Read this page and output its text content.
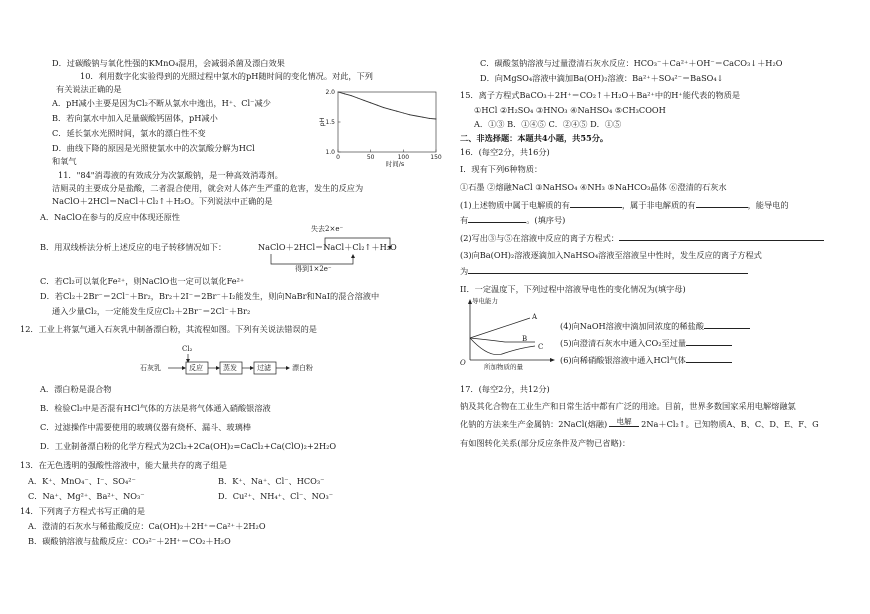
D．过碳酸钠与氧化性强的KMnO₄混用，会减弱杀菌及漂白效果
10．利用数字化实验得到的光照过程中氯水的pH随时间的变化情况。对此，下列
有关说法正确的是
A．pH减小主要是因为Cl₂不断从氯水中逸出，H⁺、Cl⁻减少
B．若向氯水中加入足量碳酸钙固体，pH减小
C．延长氯水光照时间，氯水的漂白性不变
D．曲线下降的原因是光照使氯水中的次氯酸分解为HCl
和氧气
1.0
1.5
2.0
0	50	100	150
pH
时间/s
11．"84"消毒液的有效成分为次氯酸钠，是一种高效消毒剂。
洁厕灵的主要成分是盐酸，二者混合使用，就会对人体产生严重的危害，发生的反应为
NaClO＋2HCl＝NaCl＋Cl₂↑＋H₂O。下列说法中正确的是
A．NaClO在参与的反应中体现还原性
B．用双线桥法分析上述反应的电子转移情况如下：
失去2×e⁻
NaClO＋2HCl＝NaCl＋Cl₂↑＋H₂O
得到1×2e⁻
C．若Cl₂可以氧化Fe²⁺，则NaClO也一定可以氧化Fe²⁺
D．若Cl₂＋2Br⁻＝2Cl⁻＋Br₂，Br₂＋2I⁻＝2Br⁻＋I₂能发生，则向NaBr和NaI的混合溶液中
通入少量Cl₂，一定能发生反应Cl₂＋2Br⁻＝2Cl⁻＋Br₂
12．工业上将氯气通入石灰乳中制备漂白粉，其流程如图。下列有关说法错误的是
石灰乳
Cl₂
反应	蒸发	过滤	漂白粉
A．漂白粉是混合物
B．检验Cl₂中是否混有HCl气体的方法是将气体通入硝酸银溶液
C．过滤操作中需要使用的玻璃仪器有烧杯、漏斗、玻璃棒
D．工业制备漂白粉的化学方程式为2Cl₂+2Ca(OH)₂=CaCl₂+Ca(ClO)₂+2H₂O
13．在无色透明的强酸性溶液中，能大量共存的离子组是
A．K⁺、MnO₄⁻、I⁻、SO₄²⁻	B．K⁺、Na⁺、Cl⁻、HCO₃⁻
C．Na⁺、Mg²⁺、Ba²⁺、NO₃⁻	D．Cu²⁺、NH₄⁺、Cl⁻、NO₃⁻
14．下列离子方程式书写正确的是
A．澄清的石灰水与稀盐酸反应：Ca(OH)₂＋2H⁺＝Ca²⁺＋2H₂O
B．碳酸钠溶液与盐酸反应：CO₃²⁻＋2H⁺＝CO₂＋H₂O
C．碳酸氢钠溶液与过量澄清石灰水反应：HCO₃⁻＋Ca²⁺＋OH⁻＝CaCO₃↓＋H₂O
D．向MgSO₄溶液中滴加Ba(OH)₂溶液：Ba²⁺＋SO₄²⁻＝BaSO₄↓
15．离子方程式BaCO₃＋2H⁺＝CO₂↑＋H₂O＋Ba²⁺中的H⁺能代表的物质是
①HCl ②H₂SO₄ ③HNO₃ ④NaHSO₄ ⑤CH₃COOH
A．①③ B．①④⑤ C．②④⑤ D．①⑤
二、非选择题：本题共4小题，共55分。
16．(每空2分，共16分)
I．现有下列6种物质：
①石墨 ②熔融NaCl ③NaHSO₄ ④NH₃ ⑤NaHCO₃晶体 ⑥澄清的石灰水
(1)上述物质中属于电解质的有	，属于非电解质的有	，能导电的
有	。(填序号)
(2)写出③与⑤在溶液中反应的离子方程式：
(3)向Ba(OH)₂溶液逐滴加入NaHSO₄溶液至溶液呈中性时，发生反应的离子方程式
为
II．一定温度下，下列过程中溶液导电性的变化情况为(填字母)
导电能力
O
A
B
C
所加物质的量
(4)向NaOH溶液中滴加同浓度的稀盐酸
(5)向澄清石灰水中通入CO₂至过量
(6)向稀硝酸银溶液中通入HCl气体
17．(每空2分，共12分)
钠及其化合物在工业生产和日常生活中都有广泛的用途。目前，世界多数国家采用电解熔融氯
化钠的方法来生产金属钠：2NaCl(熔融)	电解	2Na＋Cl₂↑。已知物质A、B、C、D、E、F、G
有如图转化关系(部分反应条件及产物已省略)：
